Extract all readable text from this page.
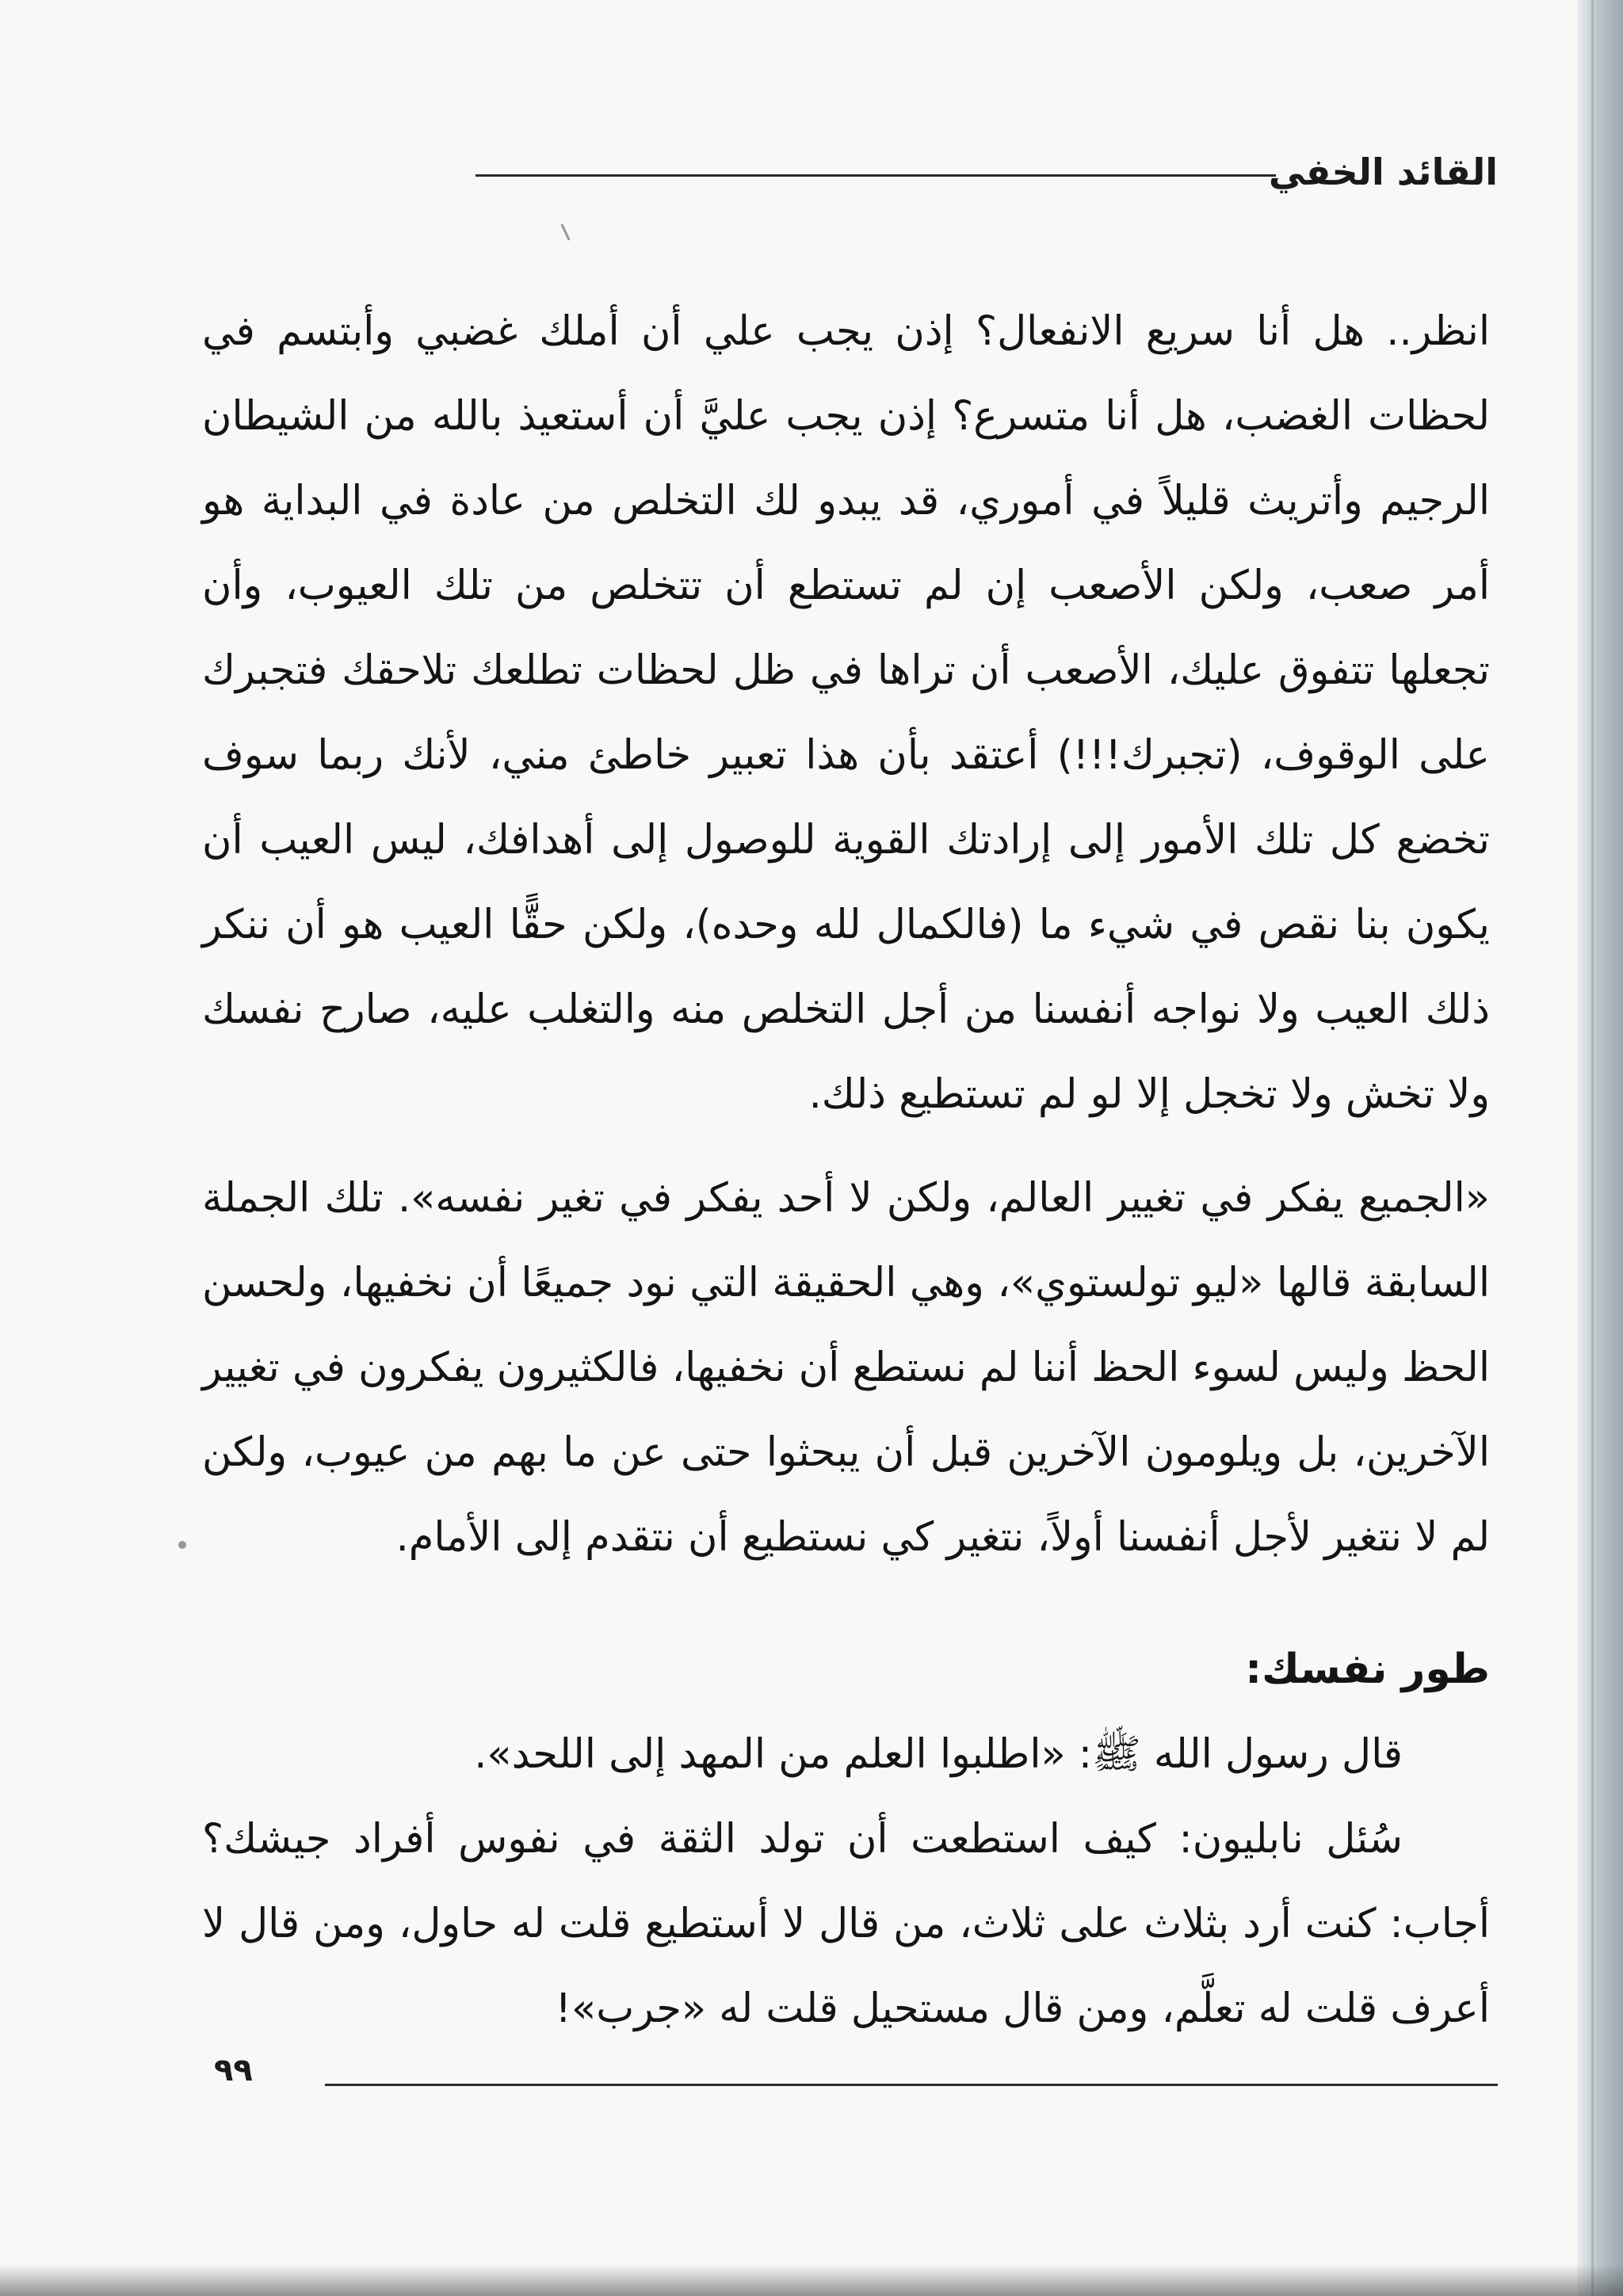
القائد الخفي

انظر.. هل أنا سريع الانفعال؟ إذن يجب علي أن أملك غضبي وأبتسم في لحظات الغضب، هل أنا متسرع؟ إذن يجب عليَّ أن أستعيذ بالله من الشيطان الرجيم وأتريث قليلاً في أموري، قد يبدو لك التخلص من عادة في البداية هو أمر صعب، ولكن الأصعب إن لم تستطع أن تتخلص من تلك العيوب، وأن تجعلها تتفوق عليك، الأصعب أن تراها في ظل لحظات تطلعك تلاحقك فتجبرك على الوقوف، (تجبرك!!!) أعتقد بأن هذا تعبير خاطئ مني، لأنك ربما سوف تخضع كل تلك الأمور إلى إرادتك القوية للوصول إلى أهدافك، ليس العيب أن يكون بنا نقص في شيء ما (فالكمال لله وحده)، ولكن حقًّا العيب هو أن ننكر ذلك العيب ولا نواجه أنفسنا من أجل التخلص منه والتغلب عليه، صارح نفسك ولا تخش ولا تخجل إلا لو لم تستطيع ذلك.

«الجميع يفكر في تغيير العالم، ولكن لا أحد يفكر في تغير نفسه». تلك الجملة السابقة قالها «ليو تولستوي»، وهي الحقيقة التي نود جميعًا أن نخفيها، ولحسن الحظ وليس لسوء الحظ أننا لم نستطع أن نخفيها، فالكثيرون يفكرون في تغيير الآخرين، بل ويلومون الآخرين قبل أن يبحثوا حتى عن ما بهم من عيوب، ولكن لم لا نتغير لأجل أنفسنا أولاً، نتغير كي نستطيع أن نتقدم إلى الأمام.

طور نفسك:

قال رسول الله ﷺ: «اطلبوا العلم من المهد إلى اللحد».

سُئل نابليون: كيف استطعت أن تولد الثقة في نفوس أفراد جيشك؟ أجاب: كنت أرد بثلاث على ثلاث، من قال لا أستطيع قلت له حاول، ومن قال لا أعرف قلت له تعلَّم، ومن قال مستحيل قلت له «جرب»!

٩٩
